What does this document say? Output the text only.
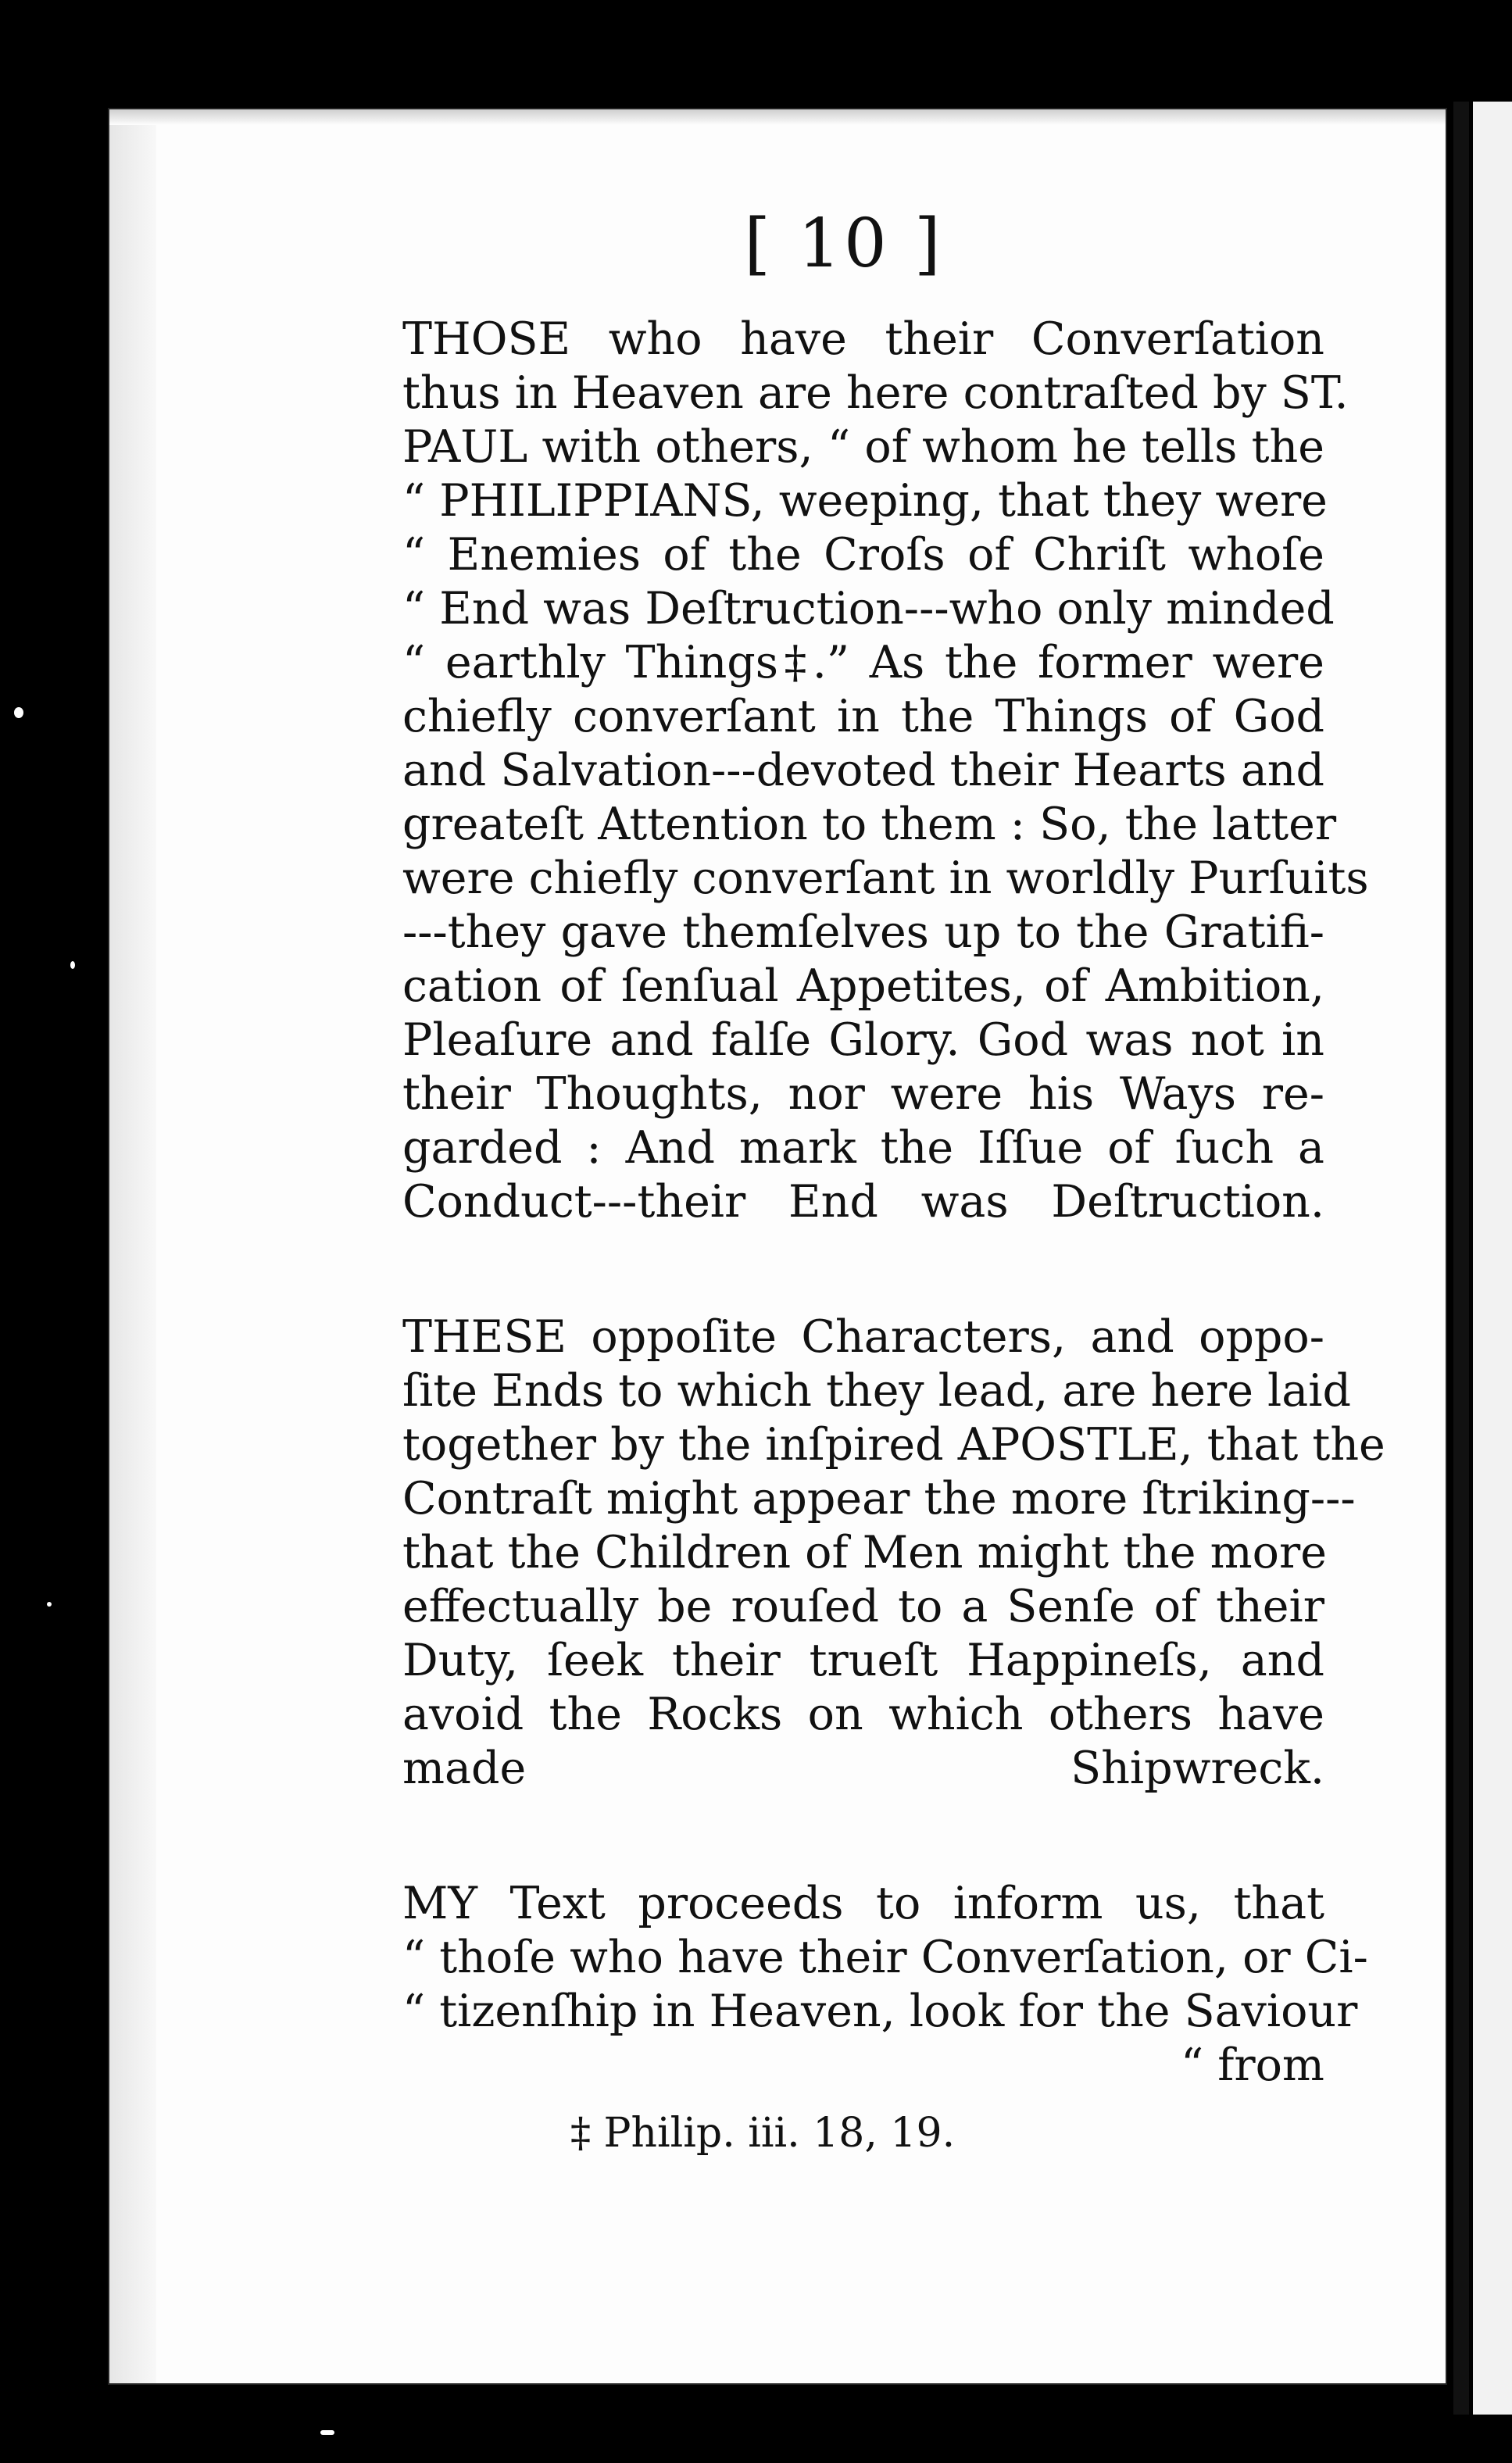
[ 10 ]

THOSE who have their Converſation
thus in Heaven are here contraſted by ST.
PAUL with others, “ of whom he tells the
“ PHILIPPIANS, weeping, that they were
“ Enemies of the Croſs of Chriſt whoſe
“ End was Deſtruction---who only minded
“ earthly Things‡.” As the former were
chiefly converſant in the Things of God
and Salvation---devoted their Hearts and
greateſt Attention to them : So, the latter
were chiefly converſant in worldly Purſuits
---they gave themſelves up to the Gratifi-
cation of ſenſual Appetites, of Ambition,
Pleaſure and falſe Glory. God was not in
their Thoughts, nor were his Ways re-
garded : And mark the Iſſue of ſuch a
Conduct---their End was Deſtruction.

THESE oppoſite Characters, and oppo-
ſite Ends to which they lead, are here laid
together by the inſpired APOSTLE, that the
Contraſt might appear the more ſtriking---
that the Children of Men might the more
effectually be rouſed to a Senſe of their
Duty, ſeek their trueſt Happineſs, and
avoid the Rocks on which others have
made Shipwreck.

MY Text proceeds to inform us, that
“ thoſe who have their Converſation, or Ci-
“ tizenſhip in Heaven, look for the Saviour

“ from
‡ Philip. iii. 18, 19.
